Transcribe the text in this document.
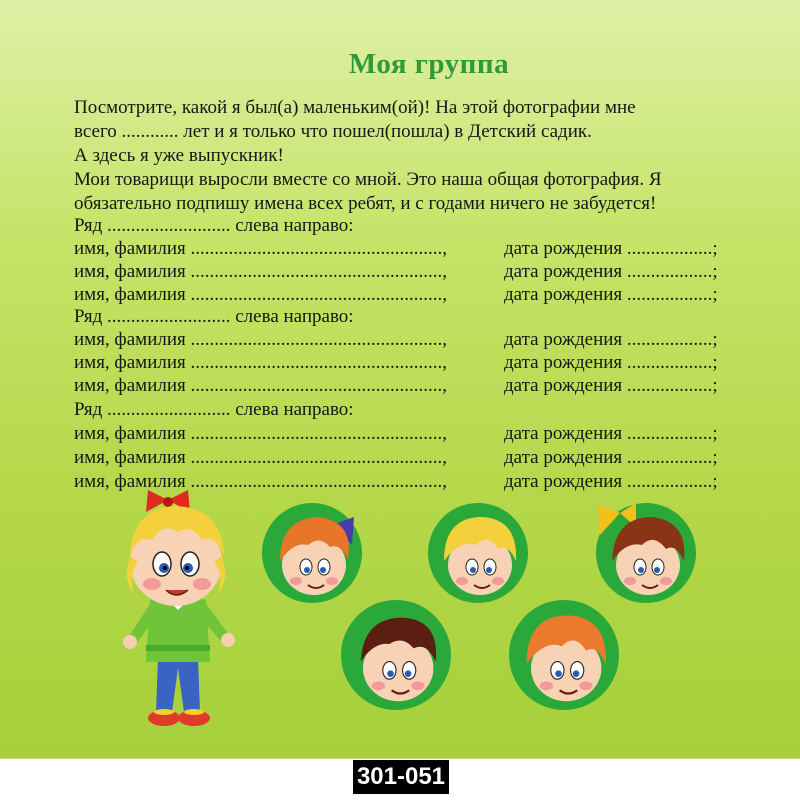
Моя группа
Посмотрите, какой я был(а) маленьким(ой)! На этой фотографии мне
всего ............ лет и я только что пошел(пошла) в Детский садик.
А здесь я уже выпускник!
Мои товарищи выросли вместе со мной. Это наша общая фотография. Я
обязательно подпишу имена всех ребят, и с годами ничего не забудется!
Ряд .......................... слева направо:
имя, фамилия .....................................................,	дата рождения ..................;
имя, фамилия .....................................................,	дата рождения ..................;
имя, фамилия .....................................................,	дата рождения ..................;
Ряд .......................... слева направо:
имя, фамилия .....................................................,	дата рождения ..................;
имя, фамилия .....................................................,	дата рождения ..................;
имя, фамилия .....................................................,	дата рождения ..................;
Ряд .......................... слева направо:
имя, фамилия .....................................................,	дата рождения ..................;
имя, фамилия .....................................................,	дата рождения ..................;
имя, фамилия .....................................................,	дата рождения ..................;
301-051
